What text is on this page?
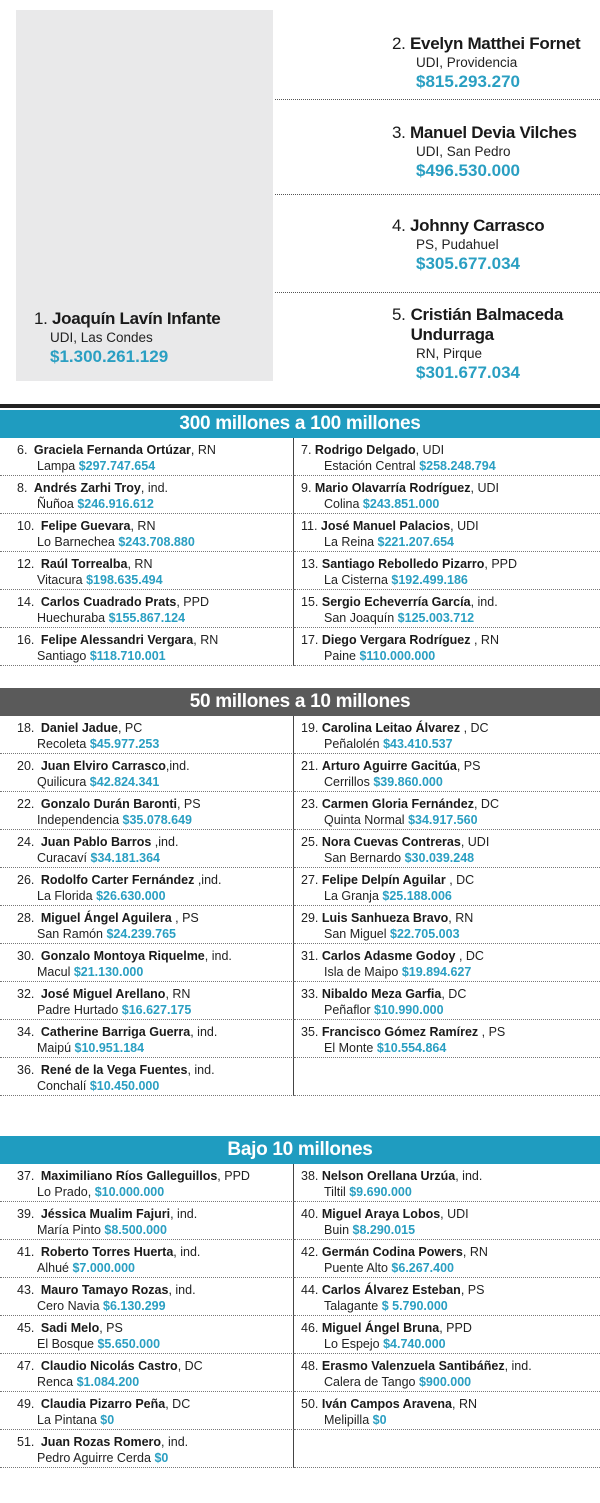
1. Joaquín Lavín Infante
UDI, Las Condes
$1.300.261.129
2. Evelyn Matthei Fornet
UDI, Providencia
$815.293.270
3. Manuel Devia Vilches
UDI, San Pedro
$496.530.000
4. Johnny Carrasco
PS, Pudahuel
$305.677.034
5. Cristián Balmaceda Undurraga
RN, Pirque
$301.677.034
300 millones a 100 millones
6. Graciela Fernanda Ortúzar, RN
Lampa $297.747.654
7. Rodrigo Delgado, UDI
Estación Central $258.248.794
8. Andrés Zarhi Troy, ind.
Ñuñoa $246.916.612
9. Mario Olavarría Rodríguez, UDI
Colina $243.851.000
10. Felipe Guevara, RN
Lo Barnechea $243.708.880
11. José Manuel Palacios, UDI
La Reina $221.207.654
12. Raúl Torrealba, RN
Vitacura $198.635.494
13. Santiago Rebolledo Pizarro, PPD
La Cisterna $192.499.186
14. Carlos Cuadrado Prats, PPD
Huechuraba $155.867.124
15. Sergio Echeverría García, ind.
San Joaquín $125.003.712
16. Felipe Alessandri Vergara, RN
Santiago $118.710.001
17. Diego Vergara Rodríguez , RN
Paine $110.000.000
50 millones a 10 millones
18. Daniel Jadue, PC
Recoleta $45.977.253
19. Carolina Leitao Álvarez , DC
Peñalolén $43.410.537
20. Juan Elviro Carrasco,ind.
Quilicura $42.824.341
21. Arturo Aguirre Gacitúa, PS
Cerrillos $39.860.000
22. Gonzalo Durán Baronti, PS
Independencia $35.078.649
23. Carmen Gloria Fernández, DC
Quinta Normal $34.917.560
24. Juan Pablo Barros ,ind.
Curacaví $34.181.364
25. Nora Cuevas Contreras, UDI
San Bernardo $30.039.248
26. Rodolfo Carter Fernández ,ind.
La Florida $26.630.000
27. Felipe Delpín Aguilar , DC
La Granja $25.188.006
28. Miguel Ángel Aguilera , PS
San Ramón $24.239.765
29. Luis Sanhueza Bravo, RN
San Miguel $22.705.003
30. Gonzalo Montoya Riquelme, ind.
Macul $21.130.000
31. Carlos Adasme Godoy , DC
Isla de Maipo $19.894.627
32. José Miguel Arellano, RN
Padre Hurtado $16.627.175
33. Nibaldo Meza Garfia, DC
Peñaflor $10.990.000
34. Catherine Barriga Guerra, ind.
Maipú $10.951.184
35. Francisco Gómez Ramírez , PS
El Monte $10.554.864
36. René de la Vega Fuentes, ind.
Conchalí $10.450.000
Bajo 10 millones
37. Maximiliano Ríos Galleguillos, PPD
Lo Prado, $10.000.000
38. Nelson Orellana Urzúa, ind.
Tiltil $9.690.000
39. Jéssica Mualim Fajuri, ind.
María Pinto $8.500.000
40. Miguel Araya Lobos, UDI
Buin $8.290.015
41. Roberto Torres Huerta, ind.
Alhué $7.000.000
42. Germán Codina Powers, RN
Puente Alto $6.267.400
43. Mauro Tamayo Rozas, ind.
Cero Navia $6.130.299
44. Carlos Álvarez Esteban, PS
Talagante $ 5.790.000
45. Sadi Melo, PS
El Bosque $5.650.000
46. Miguel Ángel Bruna, PPD
Lo Espejo $4.740.000
47. Claudio Nicolás Castro, DC
Renca $1.084.200
48. Erasmo Valenzuela Santibáñez, ind.
Calera de Tango $900.000
49. Claudia Pizarro Peña, DC
La Pintana $0
50. Iván Campos Aravena, RN
Melipilla $0
51. Juan Rozas Romero, ind.
Pedro Aguirre Cerda $0
